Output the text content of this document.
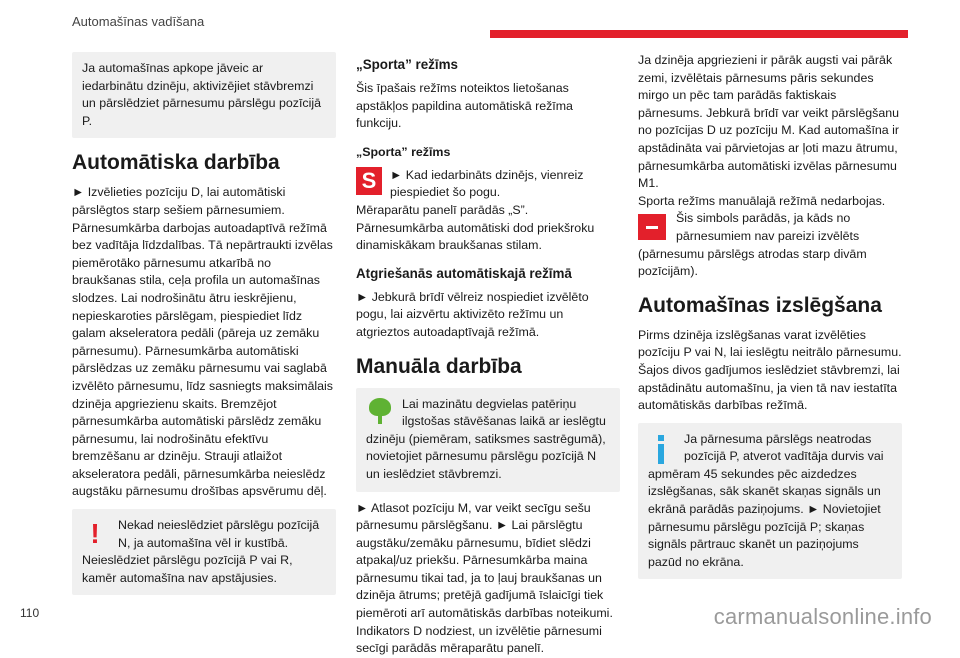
Automašīnas vadīšana

Ja automašīnas apkope jāveic ar iedarbinātu dzinēju, aktivizējiet stāvbremzi un pārslēdziet pārnesumu pārslēgu pozīcijā P.

Automātiska darbība

► Izvēlieties pozīciju D, lai automātiski pārslēgtos starp sešiem pārnesumiem. Pārnesumkārba darbojas autoadaptīvā režīmā bez vadītāja līdzdalības. Tā nepārtraukti izvēlas piemērotāko pārnesumu atkarībā no braukšanas stila, ceļa profila un automašīnas slodzes. Lai nodrošinātu ātru ieskrējienu, nepieskaroties pārslēgam, piespiediet līdz galam akseleratora pedāli (pāreja uz zemāku pārnesumu). Pārnesumkārba automātiski pārslēdzas uz zemāku pārnesumu vai saglabā izvēlēto pārnesumu, līdz sasniegts maksimālais dzinēja apgriezienu skaits. Bremzējot pārnesumkārba automātiski pārslēdz zemāku pārnesumu, lai nodrošinātu efektīvu bremzēšanu ar dzinēju. Strauji atlaižot akseleratora pedāli, pārnesumkārba neieslēdz augstāku pārnesumu drošības apsvērumu dēļ.

!	Nekad neieslēdziet pārslēgu pozīcijā N, ja automašīna vēl ir kustībā. Neieslēdziet pārslēgu pozīcijā P vai R, kamēr automašīna nav apstājusies.

„Sporta” režīms

Šis īpašais režīms noteiktos lietošanas apstākļos papildina automātiskā režīma funkciju.

„Sporta” režīms
S	► Kad iedarbināts dzinējs, vienreiz piespiediet šo pogu.

Mēraparātu panelī parādās „S”.

Pārnesumkārba automātiski dod priekšroku dinamiskākam braukšanas stilam.

Atgriešanās automātiskajā režīmā

► Jebkurā brīdī vēlreiz nospiediet izvēlēto pogu, lai aizvērtu aktivizēto režīmu un atgrieztos autoadaptīvajā režīmā.

Manuāla darbība

Lai mazinātu degvielas patēriņu ilgstošas stāvēšanas laikā ar ieslēgtu dzinēju (piemēram, satiksmes sastrēgumā), novietojiet pārnesumu pārslēgu pozīcijā N un ieslēdziet stāvbremzi.

► Atlasot pozīciju M, var veikt secīgu sešu pārnesumu pārslēgšanu. ► Lai pārslēgtu augstāku/zemāku pārnesumu, bīdiet slēdzi atpakaļ/uz priekšu. Pārnesumkārba maina pārnesumu tikai tad, ja to ļauj braukšanas un dzinēja ātrums; pretējā gadījumā īslaicīgi tiek piemēroti arī automātiskās darbības noteikumi. Indikators D nodziest, un izvēlētie pārnesumi secīgi parādās mēraparātu panelī.

Ja dzinēja apgriezieni ir pārāk augsti vai pārāk zemi, izvēlētais pārnesums pāris sekundes mirgo un pēc tam parādās faktiskais pārnesums. Jebkurā brīdī var veikt pārslēgšanu no pozīcijas D uz pozīciju M. Kad automašīna ir apstādināta vai pārvietojas ar ļoti mazu ātrumu, pārnesumkārba automātiski izvēlas pārnesumu M1.

Sporta režīms manuālajā režīmā nedarbojas.

Šis simbols parādās, ja kāds no pārnesumiem nav pareizi izvēlēts (pārnesumu pārslēgs atrodas starp divām pozīcijām).

Automašīnas izslēgšana

Pirms dzinēja izslēgšanas varat izvēlēties pozīciju P vai N, lai ieslēgtu neitrālo pārnesumu. Šajos divos gadījumos ieslēdziet stāvbremzi, lai apstādinātu automašīnu, ja vien tā nav iestatīta automātiskās darbības režīmā.

Ja pārnesuma pārslēgs neatrodas pozīcijā P, atverot vadītāja durvis vai apmēram 45 sekundes pēc aizdedzes izslēgšanas, sāk skanēt skaņas signāls un ekrānā parādās paziņojums. ► Novietojiet pārnesumu pārslēgu pozīcijā P; skaņas signāls pārtrauc skanēt un paziņojums pazūd no ekrāna.

110	carmanualsonline.info
